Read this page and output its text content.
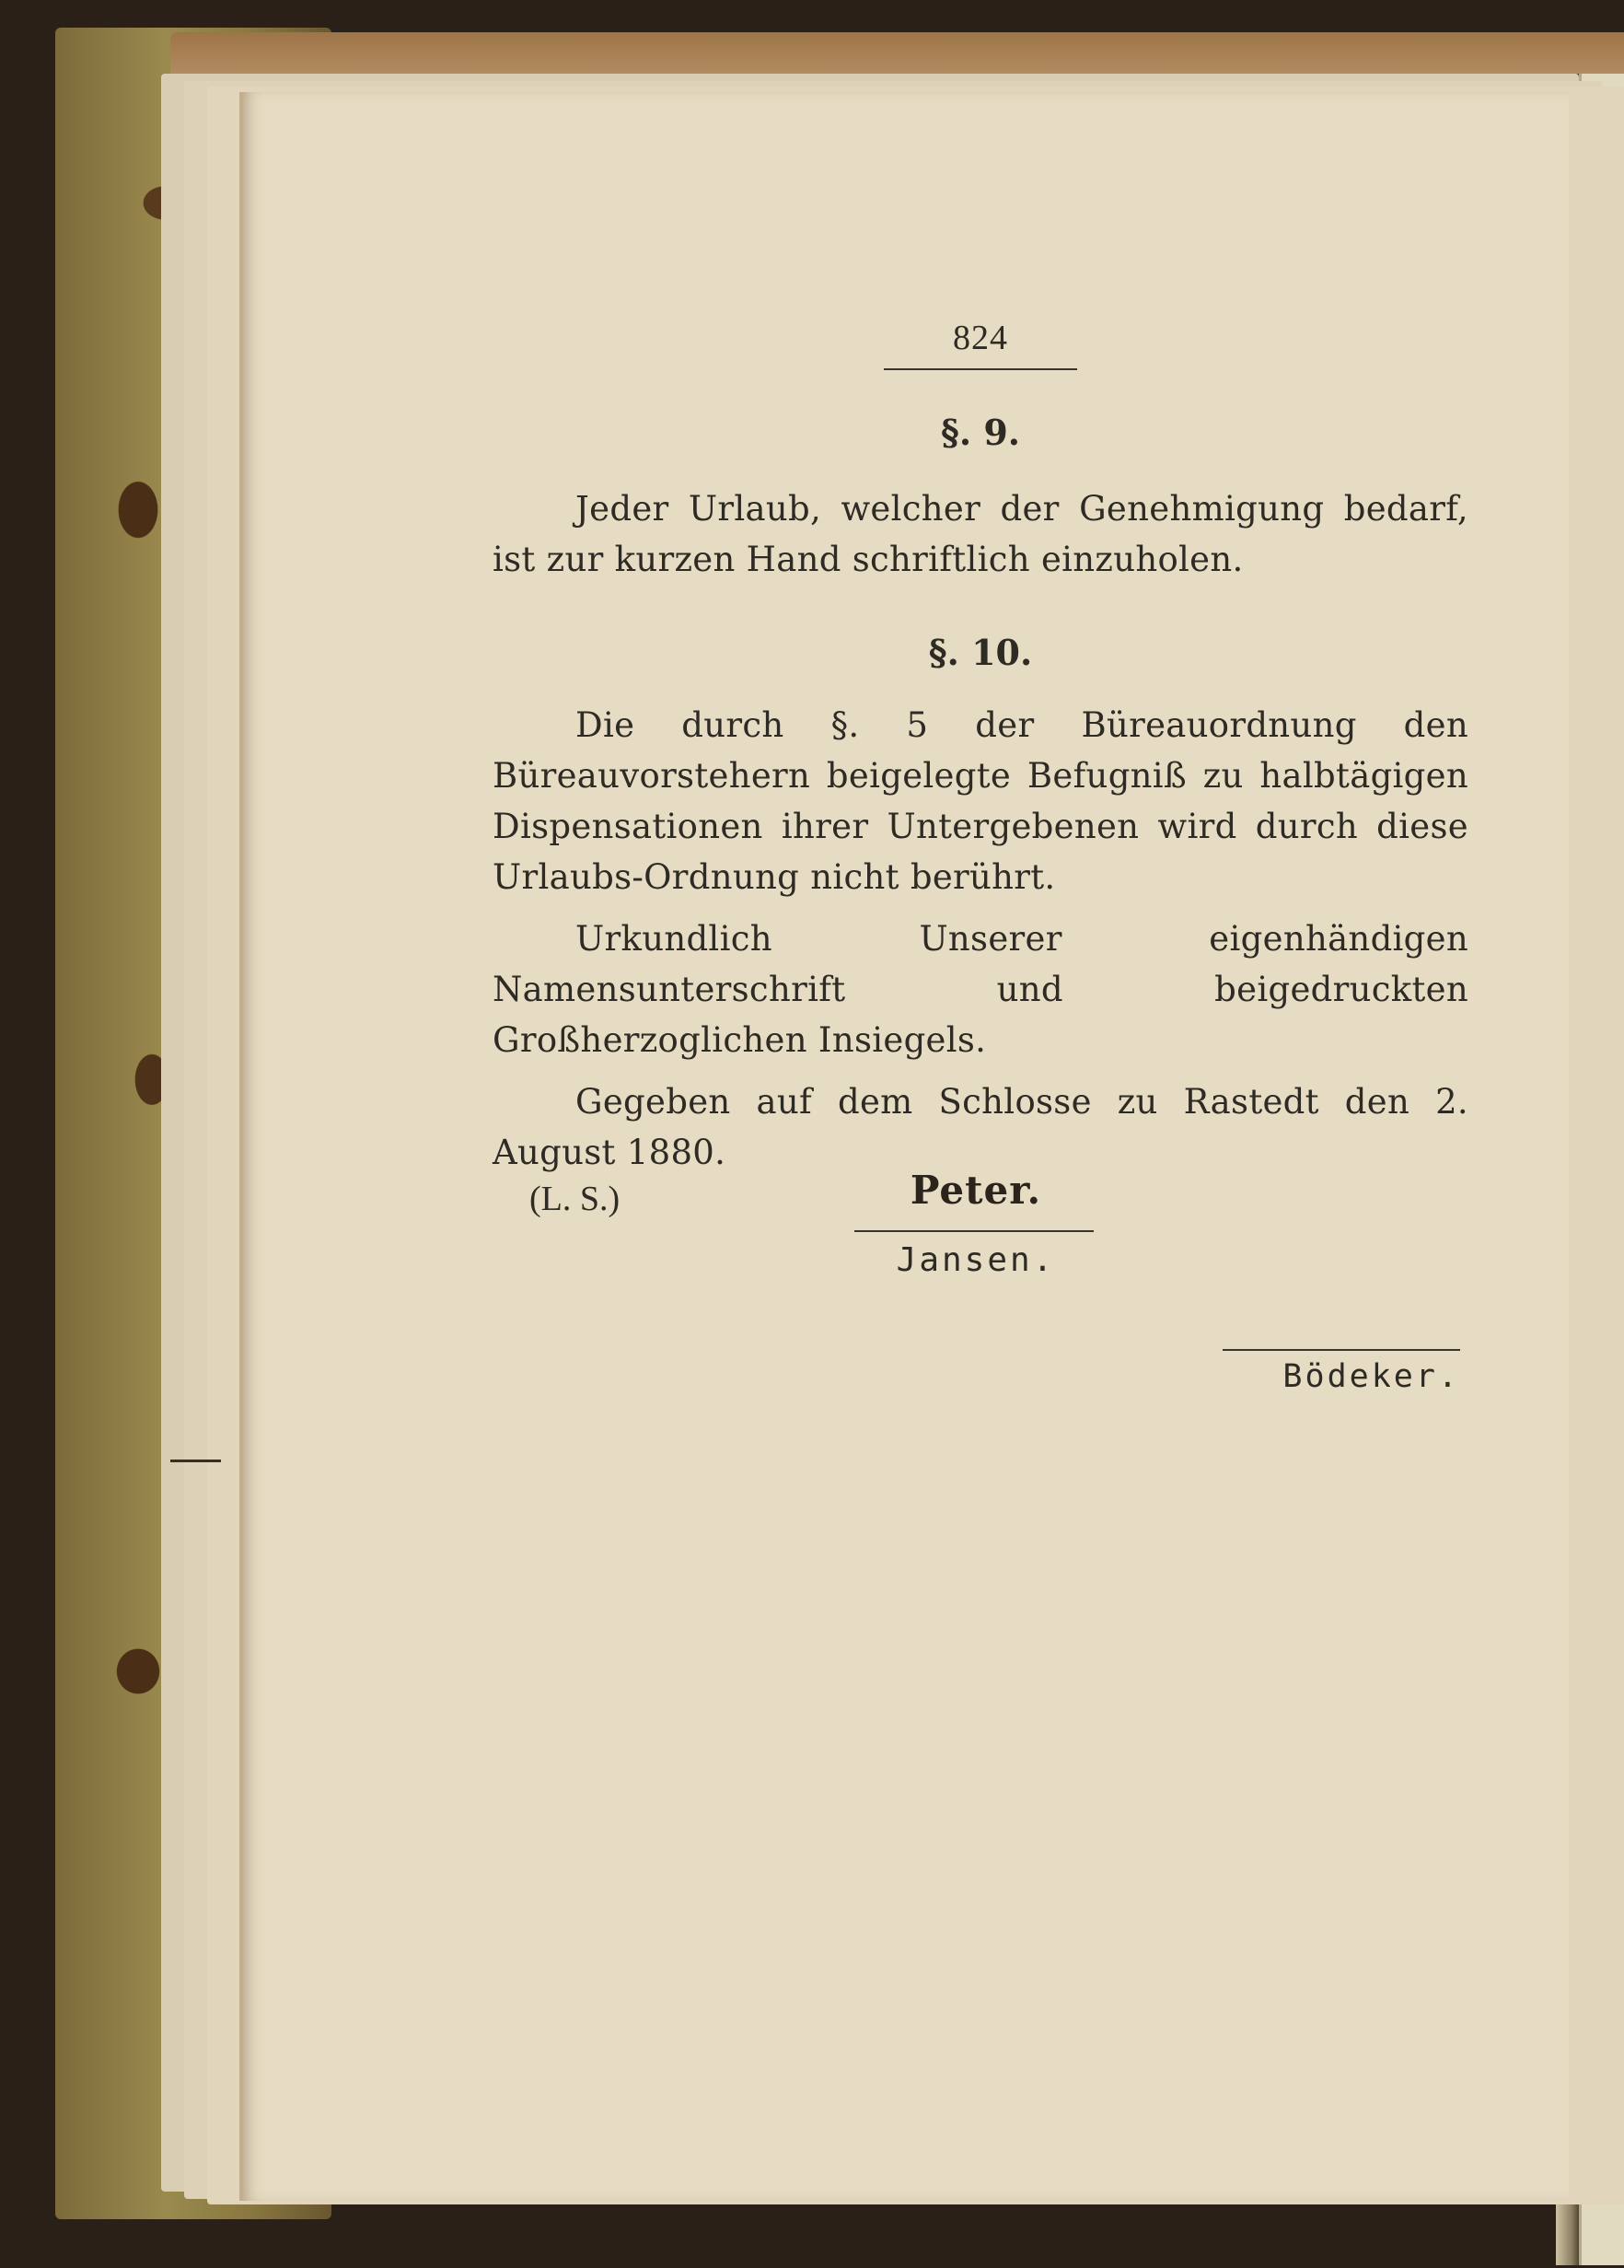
824
§. 9.

Jeder Urlaub, welcher der Genehmigung bedarf, ist zur kurzen Hand schriftlich einzuholen.

§. 10.

Die durch §. 5 der Büreauordnung den Büreauvorstehern beigelegte Befugniß zu halbtägigen Dispensationen ihrer Untergebenen wird durch diese Urlaubs-Ordnung nicht berührt.

Urkundlich Unserer eigenhändigen Namensunterschrift und beigedruckten Großherzoglichen Insiegels.

Gegeben auf dem Schlosse zu Rastedt den 2. August 1880.

(L. S.)	Peter.
Jansen.
Bödeker.
